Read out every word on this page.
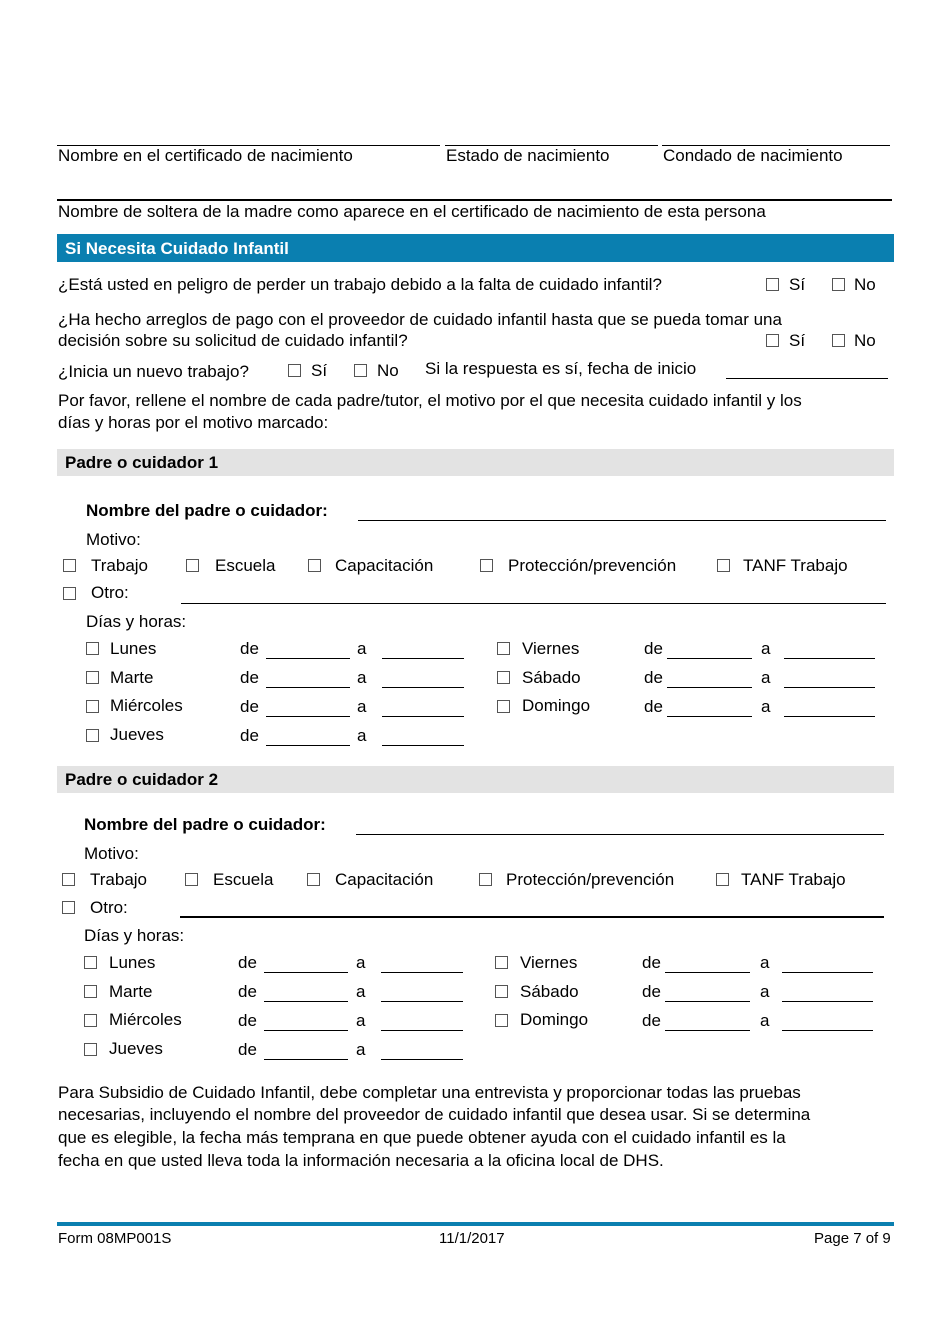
Nombre en el certificado de nacimiento	Estado de nacimiento	Condado de nacimiento
Nombre de soltera de la madre como aparece en el certificado de nacimiento de esta persona
Si Necesita Cuidado Infantil
¿Está usted en peligro de perder un trabajo debido a la falta de cuidado infantil?	Sí	No
¿Ha hecho arreglos de pago con el proveedor de cuidado infantil hasta que se pueda tomar una
decisión sobre su solicitud de cuidado infantil?	Sí	No
¿Inicia un nuevo trabajo?	Sí	No Si la respuesta es sí, fecha de inicio
Por favor, rellene el nombre de cada padre/tutor, el motivo por el que necesita cuidado infantil y los
días y horas por el motivo marcado:
Padre o cuidador 1
Nombre del padre o cuidador:
Motivo:
Trabajo	Escuela	Capacitación	Protección/prevención	TANF Trabajo
Otro:
Días y horas:
Lunes	de	a
Marte	de	a
Miércoles	de	a
Jueves	de	a
Viernes	de	a
Sábado	de	a
Domingo	de	a
Padre o cuidador 2
Nombre del padre o cuidador:
Motivo:
Trabajo	Escuela	Capacitación	Protección/prevención	TANF Trabajo
Otro:
Días y horas:
Lunes	de	a
Marte	de	a
Miércoles	de	a
Jueves	de	a
Viernes	de	a
Sábado	de	a
Domingo	de	a
Para Subsidio de Cuidado Infantil, debe completar una entrevista y proporcionar todas las pruebas
necesarias, incluyendo el nombre del proveedor de cuidado infantil que desea usar. Si se determina
que es elegible, la fecha más temprana en que puede obtener ayuda con el cuidado infantil es la
fecha en que usted lleva toda la información necesaria a la oficina local de DHS.
Form 08MP001S	11/1/2017	Page 7 of 9
